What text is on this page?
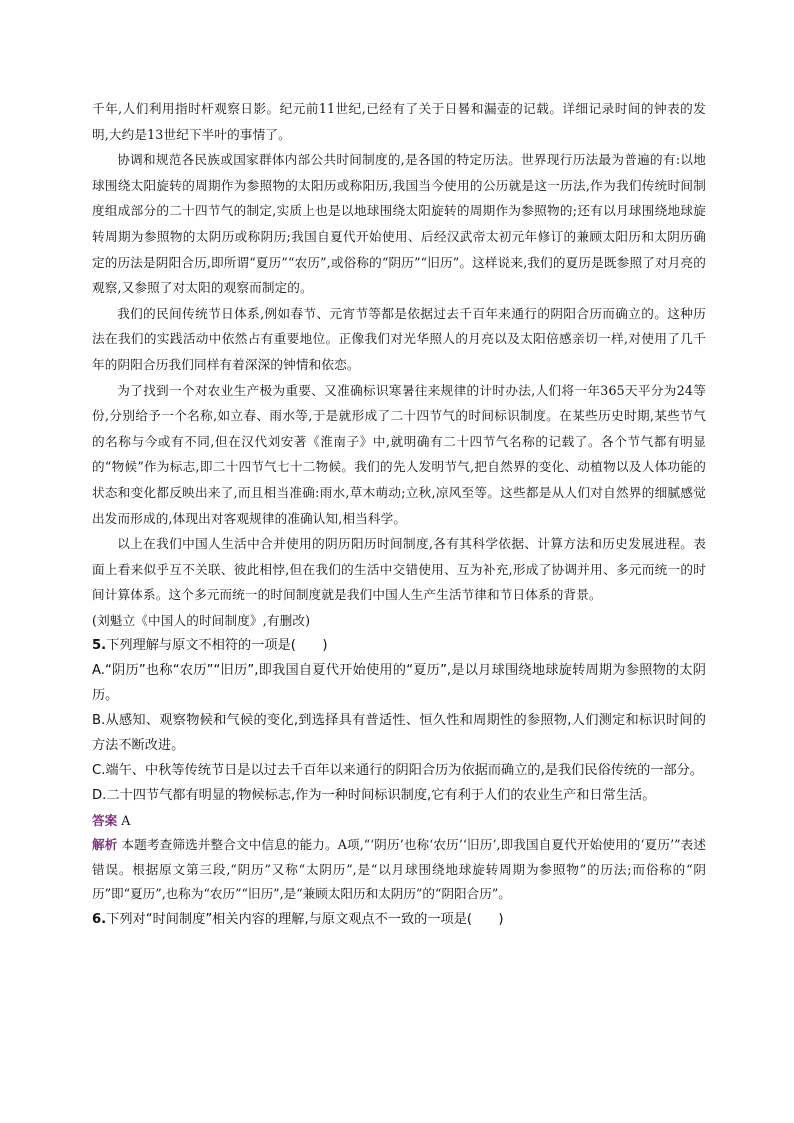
千年,人们利用指时杆观察日影。纪元前11世纪,已经有了关于日晷和漏壶的记载。详细记录时间的钟表的发明,大约是13世纪下半叶的事情了。

协调和规范各民族或国家群体内部公共时间制度的,是各国的特定历法。世界现行历法最为普遍的有:以地球围绕太阳旋转的周期作为参照物的太阳历或称阳历,我国当今使用的公历就是这一历法,作为我们传统时间制度组成部分的二十四节气的制定,实质上也是以地球围绕太阳旋转的周期作为参照物的;还有以月球围绕地球旋转周期为参照物的太阴历或称阴历;我国自夏代开始使用、后经汉武帝太初元年修订的兼顾太阳历和太阴历确定的历法是阴阳合历,即所谓“夏历”“农历”,或俗称的“阴历”“旧历”。这样说来,我们的夏历是既参照了对月亮的观察,又参照了对太阳的观察而制定的。

我们的民间传统节日体系,例如春节、元宵节等都是依据过去千百年来通行的阴阳合历而确立的。这种历法在我们的实践活动中依然占有重要地位。正像我们对光华照人的月亮以及太阳倍感亲切一样,对使用了几千年的阴阳合历我们同样有着深深的钟情和依恋。

为了找到一个对农业生产极为重要、又准确标识寒暑往来规律的计时办法,人们将一年365天平分为24等份,分别给予一个名称,如立春、雨水等,于是就形成了二十四节气的时间标识制度。在某些历史时期,某些节气的名称与今或有不同,但在汉代刘安著《淮南子》中,就明确有二十四节气名称的记载了。各个节气都有明显的“物候”作为标志,即二十四节气七十二物候。我们的先人发明节气,把自然界的变化、动植物以及人体功能的状态和变化都反映出来了,而且相当准确:雨水,草木萌动;立秋,凉风至等。这些都是从人们对自然界的细腻感觉出发而形成的,体现出对客观规律的准确认知,相当科学。

以上在我们中国人生活中合并使用的阴历阳历时间制度,各有其科学依据、计算方法和历史发展进程。表面上看来似乎互不关联、彼此相悖,但在我们的生活中交错使用、互为补充,形成了协调并用、多元而统一的时间计算体系。这个多元而统一的时间制度就是我们中国人生产生活节律和节日体系的背景。

(刘魁立《中国人的时间制度》,有删改)

5.下列理解与原文不相符的一项是(　　)

A.“阴历”也称“农历”“旧历”,即我国自夏代开始使用的“夏历”,是以月球围绕地球旋转周期为参照物的太阴历。

B.从感知、观察物候和气候的变化,到选择具有普适性、恒久性和周期性的参照物,人们测定和标识时间的方法不断改进。

C.端午、中秋等传统节日是以过去千百年以来通行的阴阳合历为依据而确立的,是我们民俗传统的一部分。

D.二十四节气都有明显的物候标志,作为一种时间标识制度,它有利于人们的农业生产和日常生活。

答案 A

解析 本题考查筛选并整合文中信息的能力。A项,“‘阴历’也称‘农历’‘旧历’,即我国自夏代开始使用的‘夏历’”表述错误。根据原文第三段,“阴历”又称“太阴历”,是“以月球围绕地球旋转周期为参照物”的历法;而俗称的“阴历”即“夏历”,也称为“农历”“旧历”,是“兼顾太阳历和太阴历”的“阴阳合历”。

6.下列对“时间制度”相关内容的理解,与原文观点不一致的一项是(　　)
